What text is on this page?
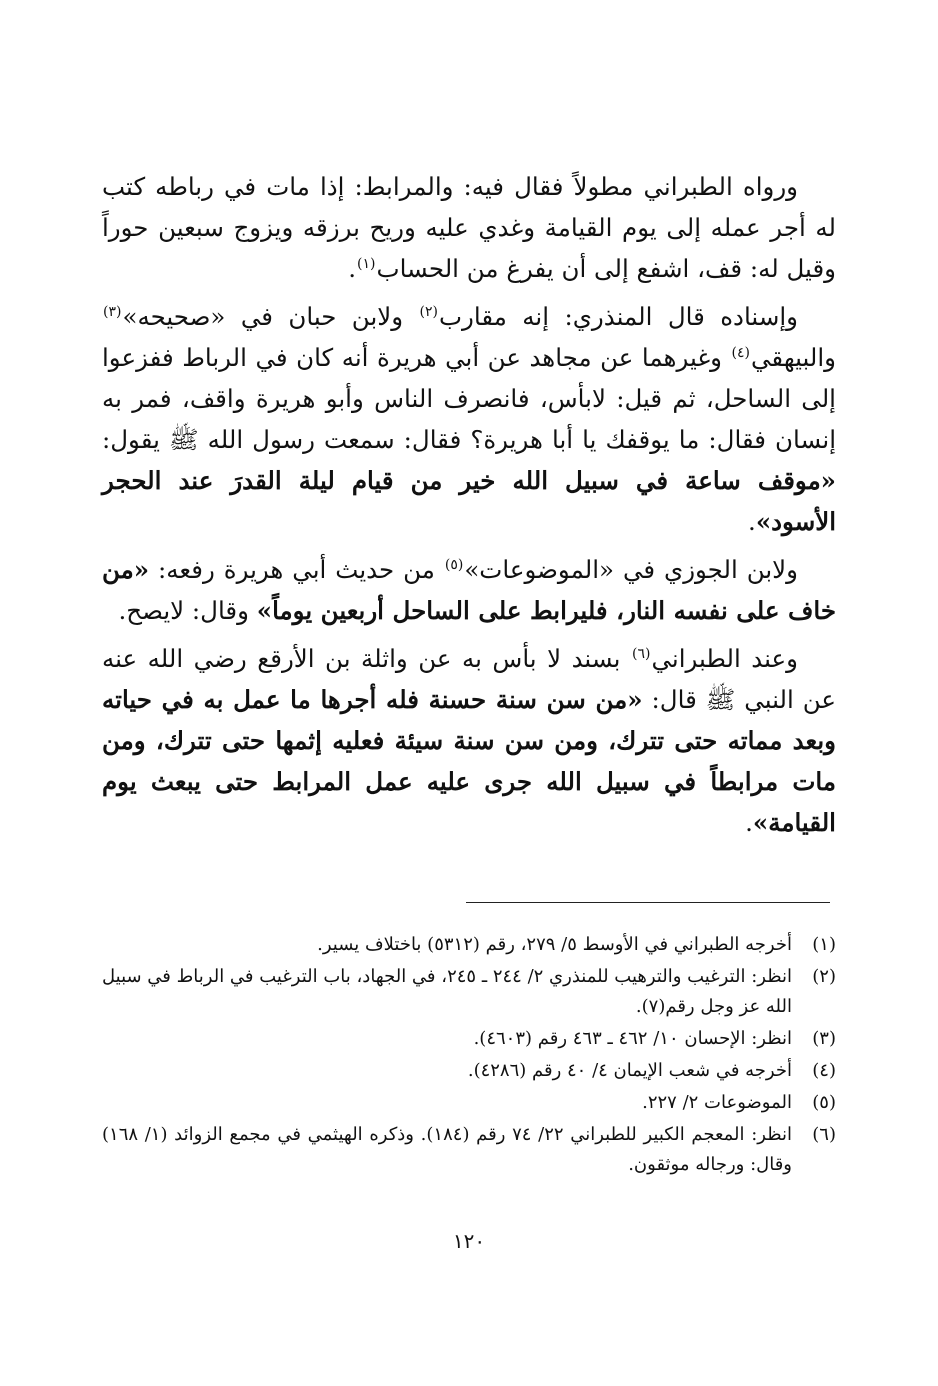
ورواه الطبراني مطولاً فقال فيه: والمرابط: إذا مات في رباطه كتب له أجر عمله إلى يوم القيامة وغدي عليه وريح برزقه ويزوج سبعين حوراً وقيل له: قف، اشفع إلى أن يفرغ من الحساب$^{(١)}$.

وإسناده قال المنذري: إنه مقارب$^{(٢)}$ ولابن حبان في «صحيحه»$^{(٣)}$ والبيهقي$^{(٤)}$ وغيرهما عن مجاهد عن أبي هريرة أنه كان في الرباط ففزعوا إلى الساحل، ثم قيل: لابأس، فانصرف الناس وأبو هريرة واقف، فمر به إنسان فقال: ما يوقفك يا أبا هريرة؟ فقال: سمعت رسول الله ﷺ يقول: «موقف ساعة في سبيل الله خير من قيام ليلة القدرَ عند الحجر الأسود».

ولابن الجوزي في «الموضوعات»$^{(٥)}$ من حديث أبي هريرة رفعه: «من خاف على نفسه النار، فليرابط على الساحل أربعين يوماً» وقال: لايصح.

وعند الطبراني$^{(٦)}$ بسند لا بأس به عن واثلة بن الأرقع رضي الله عنه عن النبي ﷺ قال: «من سن سنة حسنة فله أجرها ما عمل به في حياته وبعد مماته حتى تترك، ومن سن سنة سيئة فعليه إثمها حتى تترك، ومن مات مرابطاً في سبيل الله جرى عليه عمل المرابط حتى يبعث يوم القيامة».

(١)
أخرجه الطبراني في الأوسط ٥/ ٢٧٩، رقم (٥٣١٢) باختلاف يسير.
(٢)
انظر: الترغيب والترهيب للمنذري ٢/ ٢٤٤ ـ ٢٤٥، في الجهاد، باب الترغيب في الرباط في سبيل الله عز وجل رقم(٧).
(٣)
انظر: الإحسان ١٠/ ٤٦٢ ـ ٤٦٣ رقم (٤٦٠٣).
(٤)
أخرجه في شعب الإيمان ٤/ ٤٠ رقم (٤٢٨٦).
(٥)
الموضوعات ٢/ ٢٢٧.
(٦)
انظر: المعجم الكبير للطبراني ٢٢/ ٧٤ رقم (١٨٤). وذكره الهيثمي في مجمع الزوائد (١/ ١٦٨) وقال: ورجاله موثقون.
١٢٠
